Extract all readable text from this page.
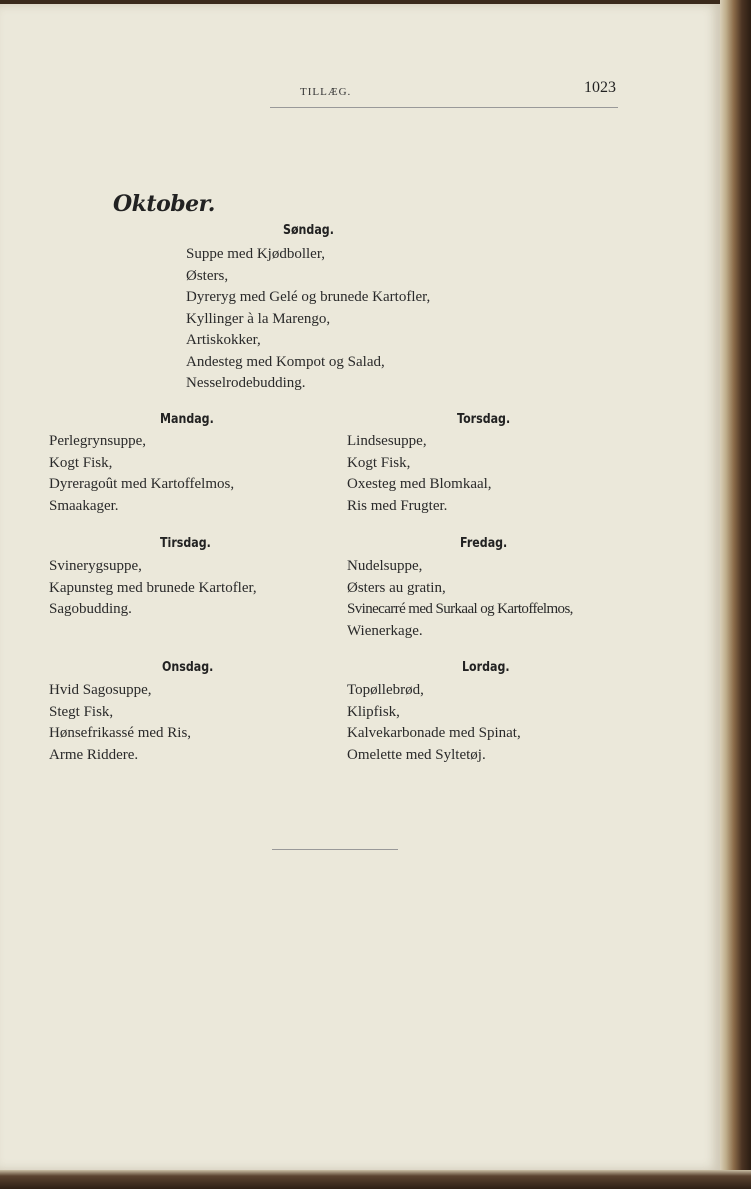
TILLÆG.	1023
Oktober.
Søndag.
Suppe med Kjødboller,
Østers,
Dyreryg med Gelé og brunede Kartofler,
Kyllinger à la Marengo,
Artiskokker,
Andesteg med Kompot og Salad,
Nesselrodebudding.
Mandag.
Perlegrynsuppe,
Kogt Fisk,
Dyreragoût med Kartoffelmos,
Smaakager.
Torsdag.
Lindsesuppe,
Kogt Fisk,
Oxesteg med Blomkaal,
Ris med Frugter.
Tirsdag.
Svinerygsuppe,
Kapunsteg med brunede Kartofler,
Sagobudding.
Fredag.
Nudelsuppe,
Østers au gratin,
Svinecarré med Surkaal og Kartoffelmos,
Wienerkage.
Onsdag.
Hvid Sagosuppe,
Stegt Fisk,
Hønsefrikassé med Ris,
Arme Riddere.
Lordag.
Topøllebrød,
Klipfisk,
Kalvekarbonade med Spinat,
Omelette med Syltetøj.
